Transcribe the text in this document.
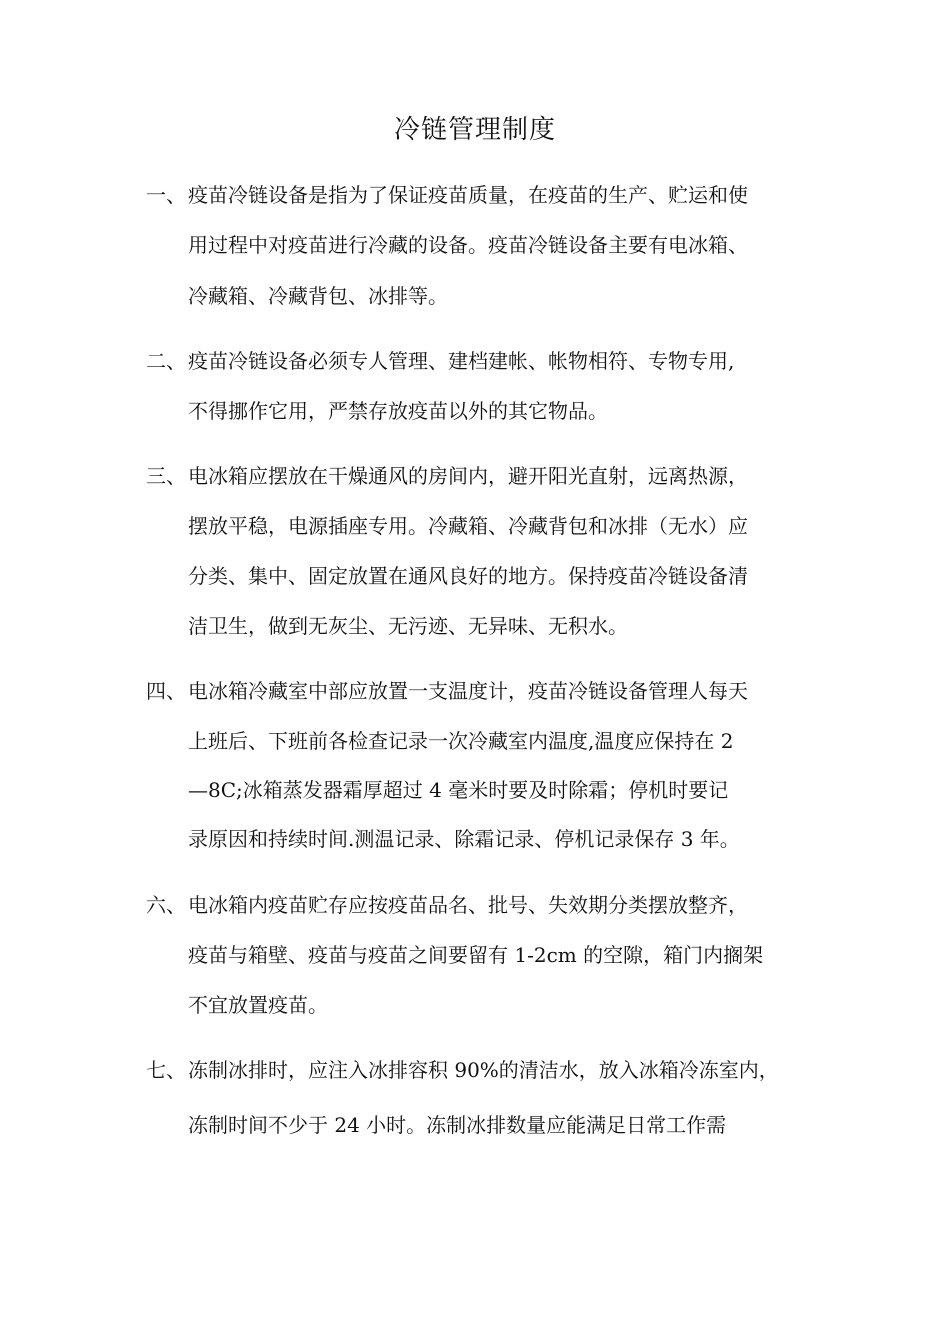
冷链管理制度
一、 疫苗冷链设备是指为了保证疫苗质量，在疫苗的生产、贮运和使
用过程中对疫苗进行冷藏的设备。疫苗冷链设备主要有电冰箱、
冷藏箱、冷藏背包、冰排等。
二、 疫苗冷链设备必须专人管理、建档建帐、帐物相符、专物专用,
不得挪作它用，严禁存放疫苗以外的其它物品。
三、 电冰箱应摆放在干燥通风的房间内，避开阳光直射，远离热源，
摆放平稳，电源插座专用。冷藏箱、冷藏背包和冰排（无水）应
分类、集中、固定放置在通风良好的地方。保持疫苗冷链设备清
洁卫生，做到无灰尘、无污迹、无异味、无积水。
四、 电冰箱冷藏室中部应放置一支温度计，疫苗冷链设备管理人每天
上班后、下班前各检查记录一次冷藏室内温度,温度应保持在 2
—8C;冰箱蒸发器霜厚超过 4 毫米时要及时除霜；停机时要记
录原因和持续时间.测温记录、除霜记录、停机记录保存 3 年。
六、 电冰箱内疫苗贮存应按疫苗品名、批号、失效期分类摆放整齐，
疫苗与箱壁、疫苗与疫苗之间要留有 1-2cm 的空隙，箱门内搁架
不宜放置疫苗。
七、 冻制冰排时，应注入冰排容积 90%的清洁水，放入冰箱冷冻室内，
冻制时间不少于 24 小时。冻制冰排数量应能满足日常工作需
